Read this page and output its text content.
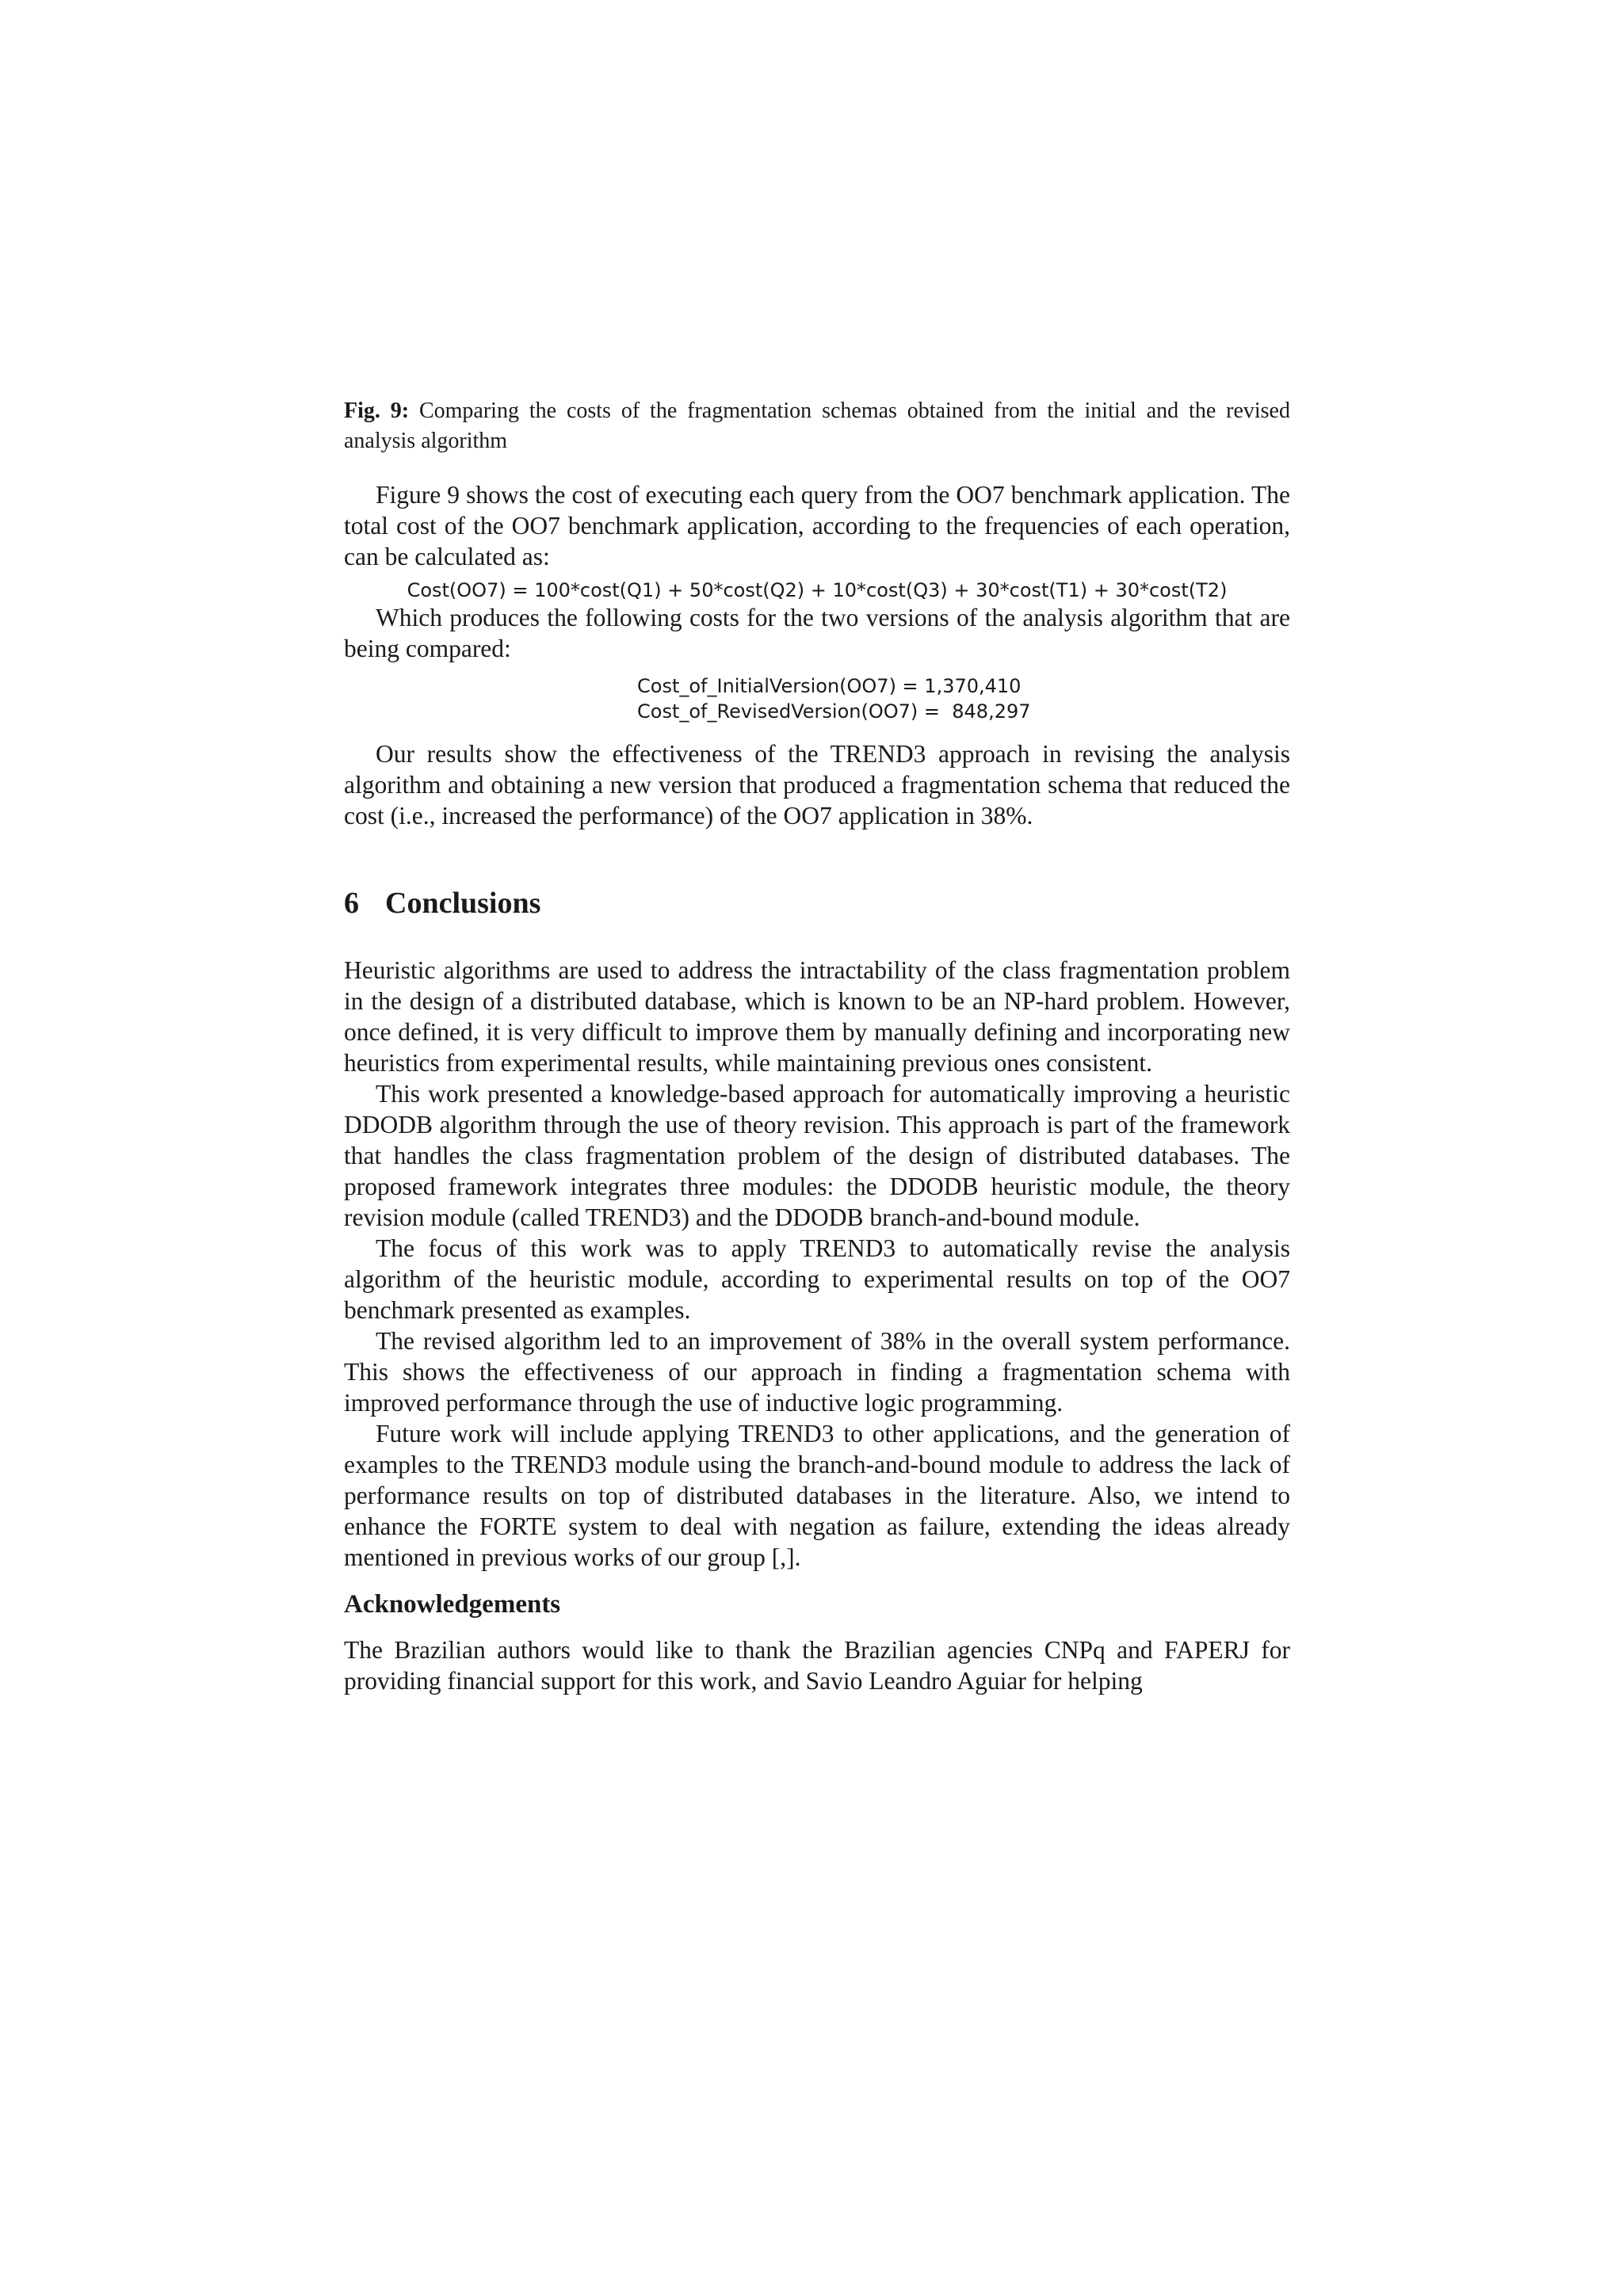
Fig. 9: Comparing the costs of the fragmentation schemas obtained from the initial and the revised analysis algorithm

Figure 9 shows the cost of executing each query from the OO7 benchmark application. The total cost of the OO7 benchmark application, according to the frequencies of each operation, can be calculated as:

Cost(OO7) = 100*cost(Q1) + 50*cost(Q2) + 10*cost(Q3) + 30*cost(T1) + 30*cost(T2)

Which produces the following costs for the two versions of the analysis algorithm that are being compared:

Cost_of_InitialVersion(OO7) = 1,370,410

Cost_of_RevisedVersion(OO7) =  848,297

Our results show the effectiveness of the TREND3 approach in revising the analysis algorithm and obtaining a new version that produced a fragmentation schema that reduced the cost (i.e., increased the performance) of the OO7 application in 38%.

6 Conclusions

Heuristic algorithms are used to address the intractability of the class fragmentation problem in the design of a distributed database, which is known to be an NP-hard problem. However, once defined, it is very difficult to improve them by manually defining and incorporating new heuristics from experimental results, while maintaining previous ones consistent.

This work presented a knowledge-based approach for automatically improving a heuristic DDODB algorithm through the use of theory revision. This approach is part of the framework that handles the class fragmentation problem of the design of distributed databases. The proposed framework integrates three modules: the DDODB heuristic module, the theory revision module (called TREND3) and the DDODB branch-and-bound module.

The focus of this work was to apply TREND3 to automatically revise the analysis algorithm of the heuristic module, according to experimental results on top of the OO7 benchmark presented as examples.

The revised algorithm led to an improvement of 38% in the overall system performance. This shows the effectiveness of our approach in finding a fragmentation schema with improved performance through the use of inductive logic programming.

Future work will include applying TREND3 to other applications, and the generation of examples to the TREND3 module using the branch-and-bound module to address the lack of performance results on top of distributed databases in the literature. Also, we intend to enhance the FORTE system to deal with negation as failure, extending the ideas already mentioned in previous works of our group [,].

Acknowledgements

The Brazilian authors would like to thank the Brazilian agencies CNPq and FAPERJ for providing financial support for this work, and Savio Leandro Aguiar for helping
